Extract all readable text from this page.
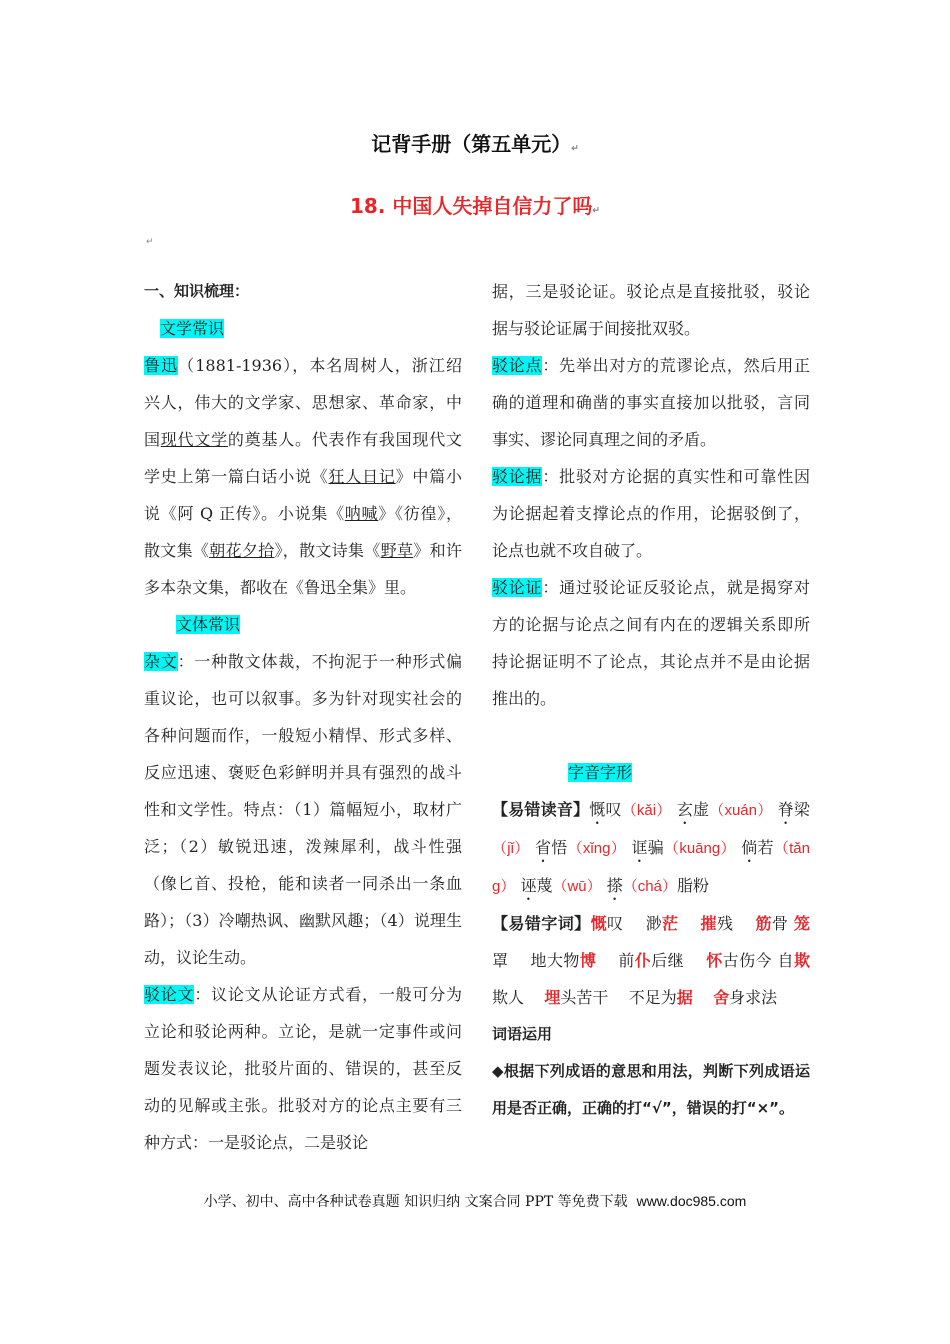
记背手册（第五单元）↵
18. 中国人失掉自信力了吗↵
↵

一、知识梳理：

文学常识

鲁迅（1881-1936），本名周树人，浙江绍兴人，伟大的文学家、思想家、革命家，中国现代文学的奠基人。代表作有我国现代文学史上第一篇白话小说《狂人日记》中篇小说《阿 Q 正传》。小说集《呐喊》《彷徨》，散文集《朝花夕拾》，散文诗集《野草》和许多本杂文集，都收在《鲁迅全集》里。

文体常识

杂文：一种散文体裁，不拘泥于一种形式偏重议论，也可以叙事。多为针对现实社会的各种问题而作，一般短小精悍、形式多样、反应迅速、褒贬色彩鲜明并具有强烈的战斗性和文学性。特点：（1）篇幅短小，取材广泛；（2）敏锐迅速，泼辣犀利，战斗性强（像匕首、投枪，能和读者一同杀出一条血路）；（3）冷嘲热讽、幽默风趣；（4）说理生动，议论生动。

驳论文：议论文从论证方式看，一般可分为立论和驳论两种。立论，是就一定事件或问题发表议论，批驳片面的、错误的，甚至反动的见解或主张。批驳对方的论点主要有三种方式：一是驳论点，二是驳论

据，三是驳论证。驳论点是直接批驳，驳论据与驳论证属于间接批双驳。

驳论点：先举出对方的荒谬论点，然后用正确的道理和确凿的事实直接加以批驳，言同事实、谬论同真理之间的矛盾。

驳论据：批驳对方论据的真实性和可靠性因为论据起着支撑论点的作用，论据驳倒了，论点也就不攻自破了。

驳论证：通过驳论证反驳论点，就是揭穿对方的论据与论点之间有内在的逻辑关系即所持论据证明不了论点，其论点并不是由论据推出的。

字音字形

【易错读音】慨叹（kǎi） 玄虚（xuán） 脊梁（jǐ） 省悟（xǐng） 诓骗（kuāng） 倘若（tǎng） 诬蔑（wū） 搽（chá）脂粉

【易错字词】慨叹 渺茫 摧残 筋骨 笼罩 地大物博 前仆后继 怀古伤今 自欺欺人 埋头苦干 不足为据 舍身求法

词语运用

◆根据下列成语的意思和用法，判断下列成语运用是否正确，正确的打“√”，错误的打“×”。

小学、初中、高中各种试卷真题 知识归纳 文案合同 PPT 等免费下载 www.doc985.com
